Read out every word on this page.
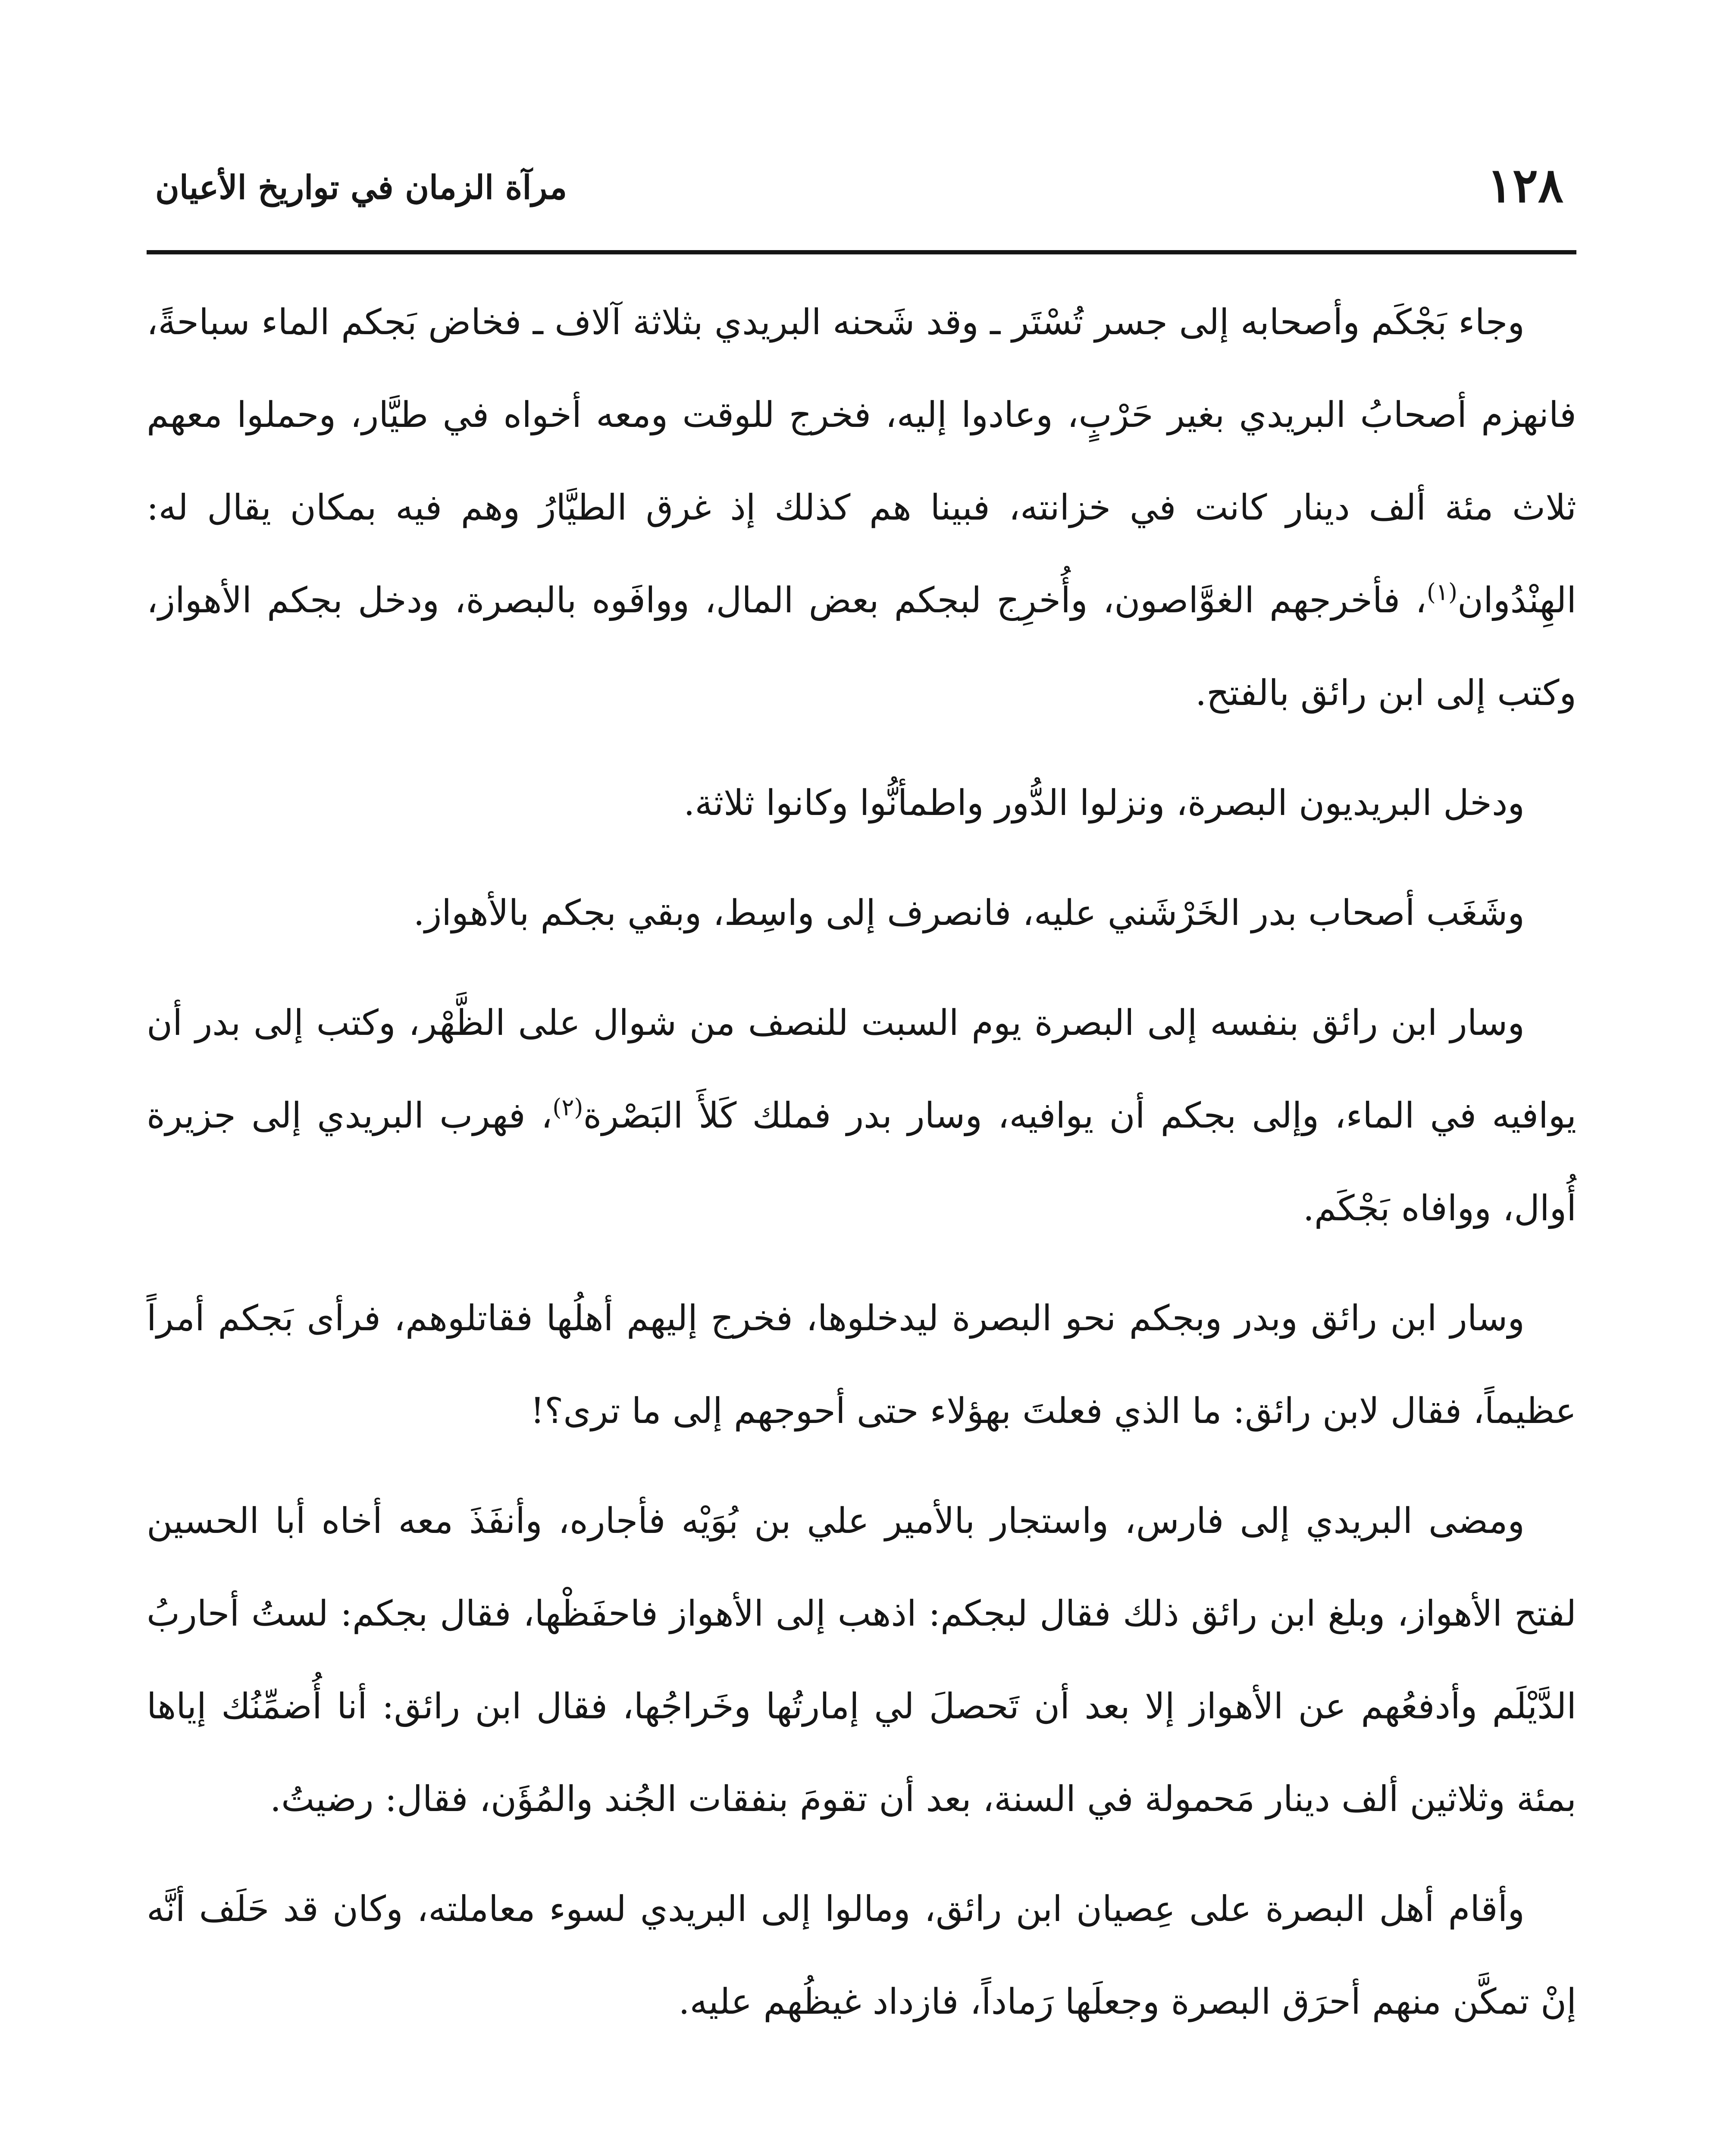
١٢٨
مرآة الزمان في تواريخ الأعيان

وجاء بَجْكَم وأصحابه إلى جسر تُسْتَر ـ وقد شَحنه البريدي بثلاثة آلاف ـ فخاض بَجكم الماء سباحةً، فانهزم أصحابُ البريدي بغير حَرْبٍ، وعادوا إليه، فخرج للوقت ومعه أخواه في طيَّار، وحملوا معهم ثلاث مئة ألف دينار كانت في خزانته، فبينا هم كذلك إذ غرق الطيَّارُ وهم فيه بمكان يقال له: الهِنْدُوان$^{(١)}$، فأخرجهم الغوَّاصون، وأُخرِج لبجكم بعض المال، ووافَوه بالبصرة، ودخل بجكم الأهواز، وكتب إلى ابن رائق بالفتح.

ودخل البريديون البصرة، ونزلوا الدُّور واطمأنُّوا وكانوا ثلاثة.

وشَغَب أصحاب بدر الخَرْشَني عليه، فانصرف إلى واسِط، وبقي بجكم بالأهواز.

وسار ابن رائق بنفسه إلى البصرة يوم السبت للنصف من شوال على الظَّهْر، وكتب إلى بدر أن يوافيه في الماء، وإلى بجكم أن يوافيه، وسار بدر فملك كَلأَ البَصْرة$^{(٢)}$، فهرب البريدي إلى جزيرة أُوال، ووافاه بَجْكَم.

وسار ابن رائق وبدر وبجكم نحو البصرة ليدخلوها، فخرج إليهم أهلُها فقاتلوهم، فرأى بَجكم أمراً عظيماً، فقال لابن رائق: ما الذي فعلتَ بهؤلاء حتى أحوجهم إلى ما ترى؟!

ومضى البريدي إلى فارس، واستجار بالأمير علي بن بُوَيْه فأجاره، وأنفَذَ معه أخاه أبا الحسين لفتح الأهواز، وبلغ ابن رائق ذلك فقال لبجكم: اذهب إلى الأهواز فاحفَظْها، فقال بجكم: لستُ أحاربُ الدَّيْلَم وأدفعُهم عن الأهواز إلا بعد أن تَحصلَ لي إمارتُها وخَراجُها، فقال ابن رائق: أنا أُضمِّنُك إياها بمئة وثلاثين ألف دينار مَحمولة في السنة، بعد أن تقومَ بنفقات الجُند والمُؤَن، فقال: رضيتُ.

وأقام أهل البصرة على عِصيان ابن رائق، ومالوا إلى البريدي لسوء معاملته، وكان قد حَلَف أنَّه إنْ تمكَّن منهم أحرَق البصرة وجعلَها رَماداً، فازداد غيظُهم عليه.
